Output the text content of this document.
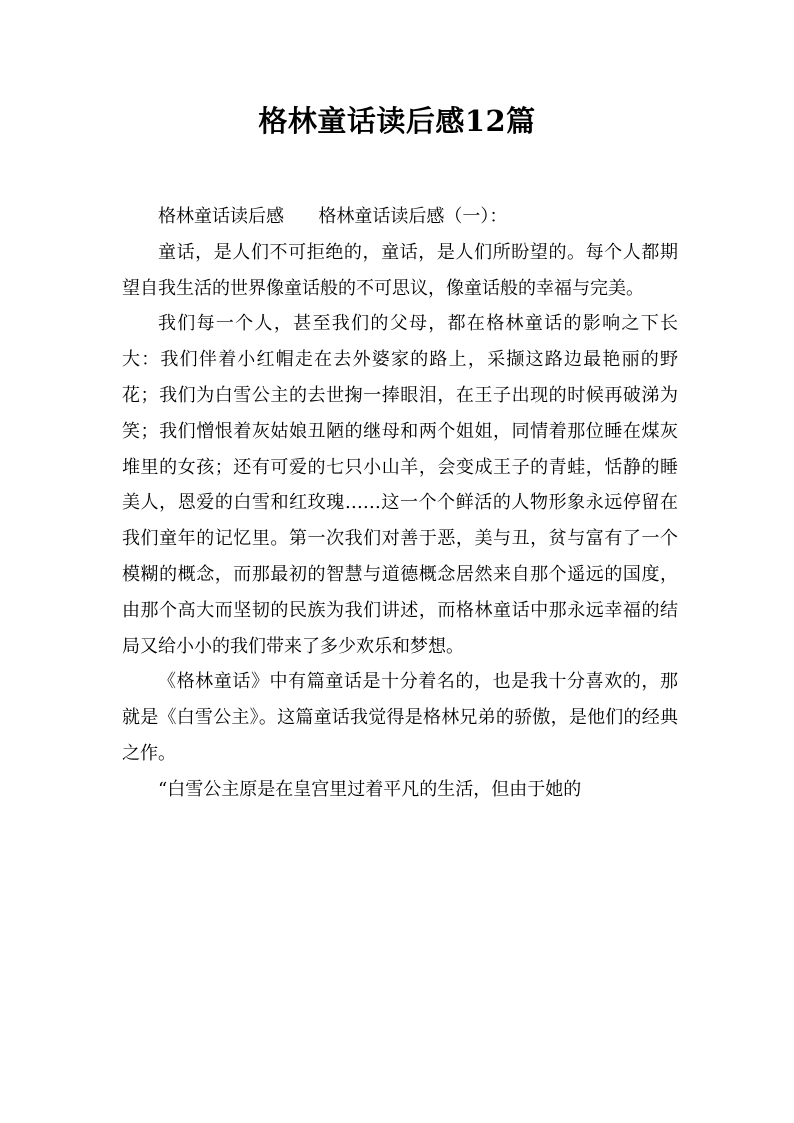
格林童话读后感12篇

格林童话读后感 格林童话读后感（一）：

童话，是人们不可拒绝的，童话，是人们所盼望的。每个人都期望自我生活的世界像童话般的不可思议，像童话般的幸福与完美。

我们每一个人，甚至我们的父母，都在格林童话的影响之下长大：我们伴着小红帽走在去外婆家的路上，采撷这路边最艳丽的野花；我们为白雪公主的去世掬一捧眼泪，在王子出现的时候再破涕为笑；我们憎恨着灰姑娘丑陋的继母和两个姐姐，同情着那位睡在煤灰堆里的女孩；还有可爱的七只小山羊，会变成王子的青蛙，恬静的睡美人，恩爱的白雪和红玫瑰……这一个个鲜活的人物形象永远停留在我们童年的记忆里。第一次我们对善于恶，美与丑，贫与富有了一个模糊的概念，而那最初的智慧与道德概念居然来自那个遥远的国度，由那个高大而坚韧的民族为我们讲述，而格林童话中那永远幸福的结局又给小小的我们带来了多少欢乐和梦想。

《格林童话》中有篇童话是十分着名的，也是我十分喜欢的，那就是《白雪公主》。这篇童话我觉得是格林兄弟的骄傲，是他们的经典之作。

“白雪公主原是在皇宫里过着平凡的生活，但由于她的
